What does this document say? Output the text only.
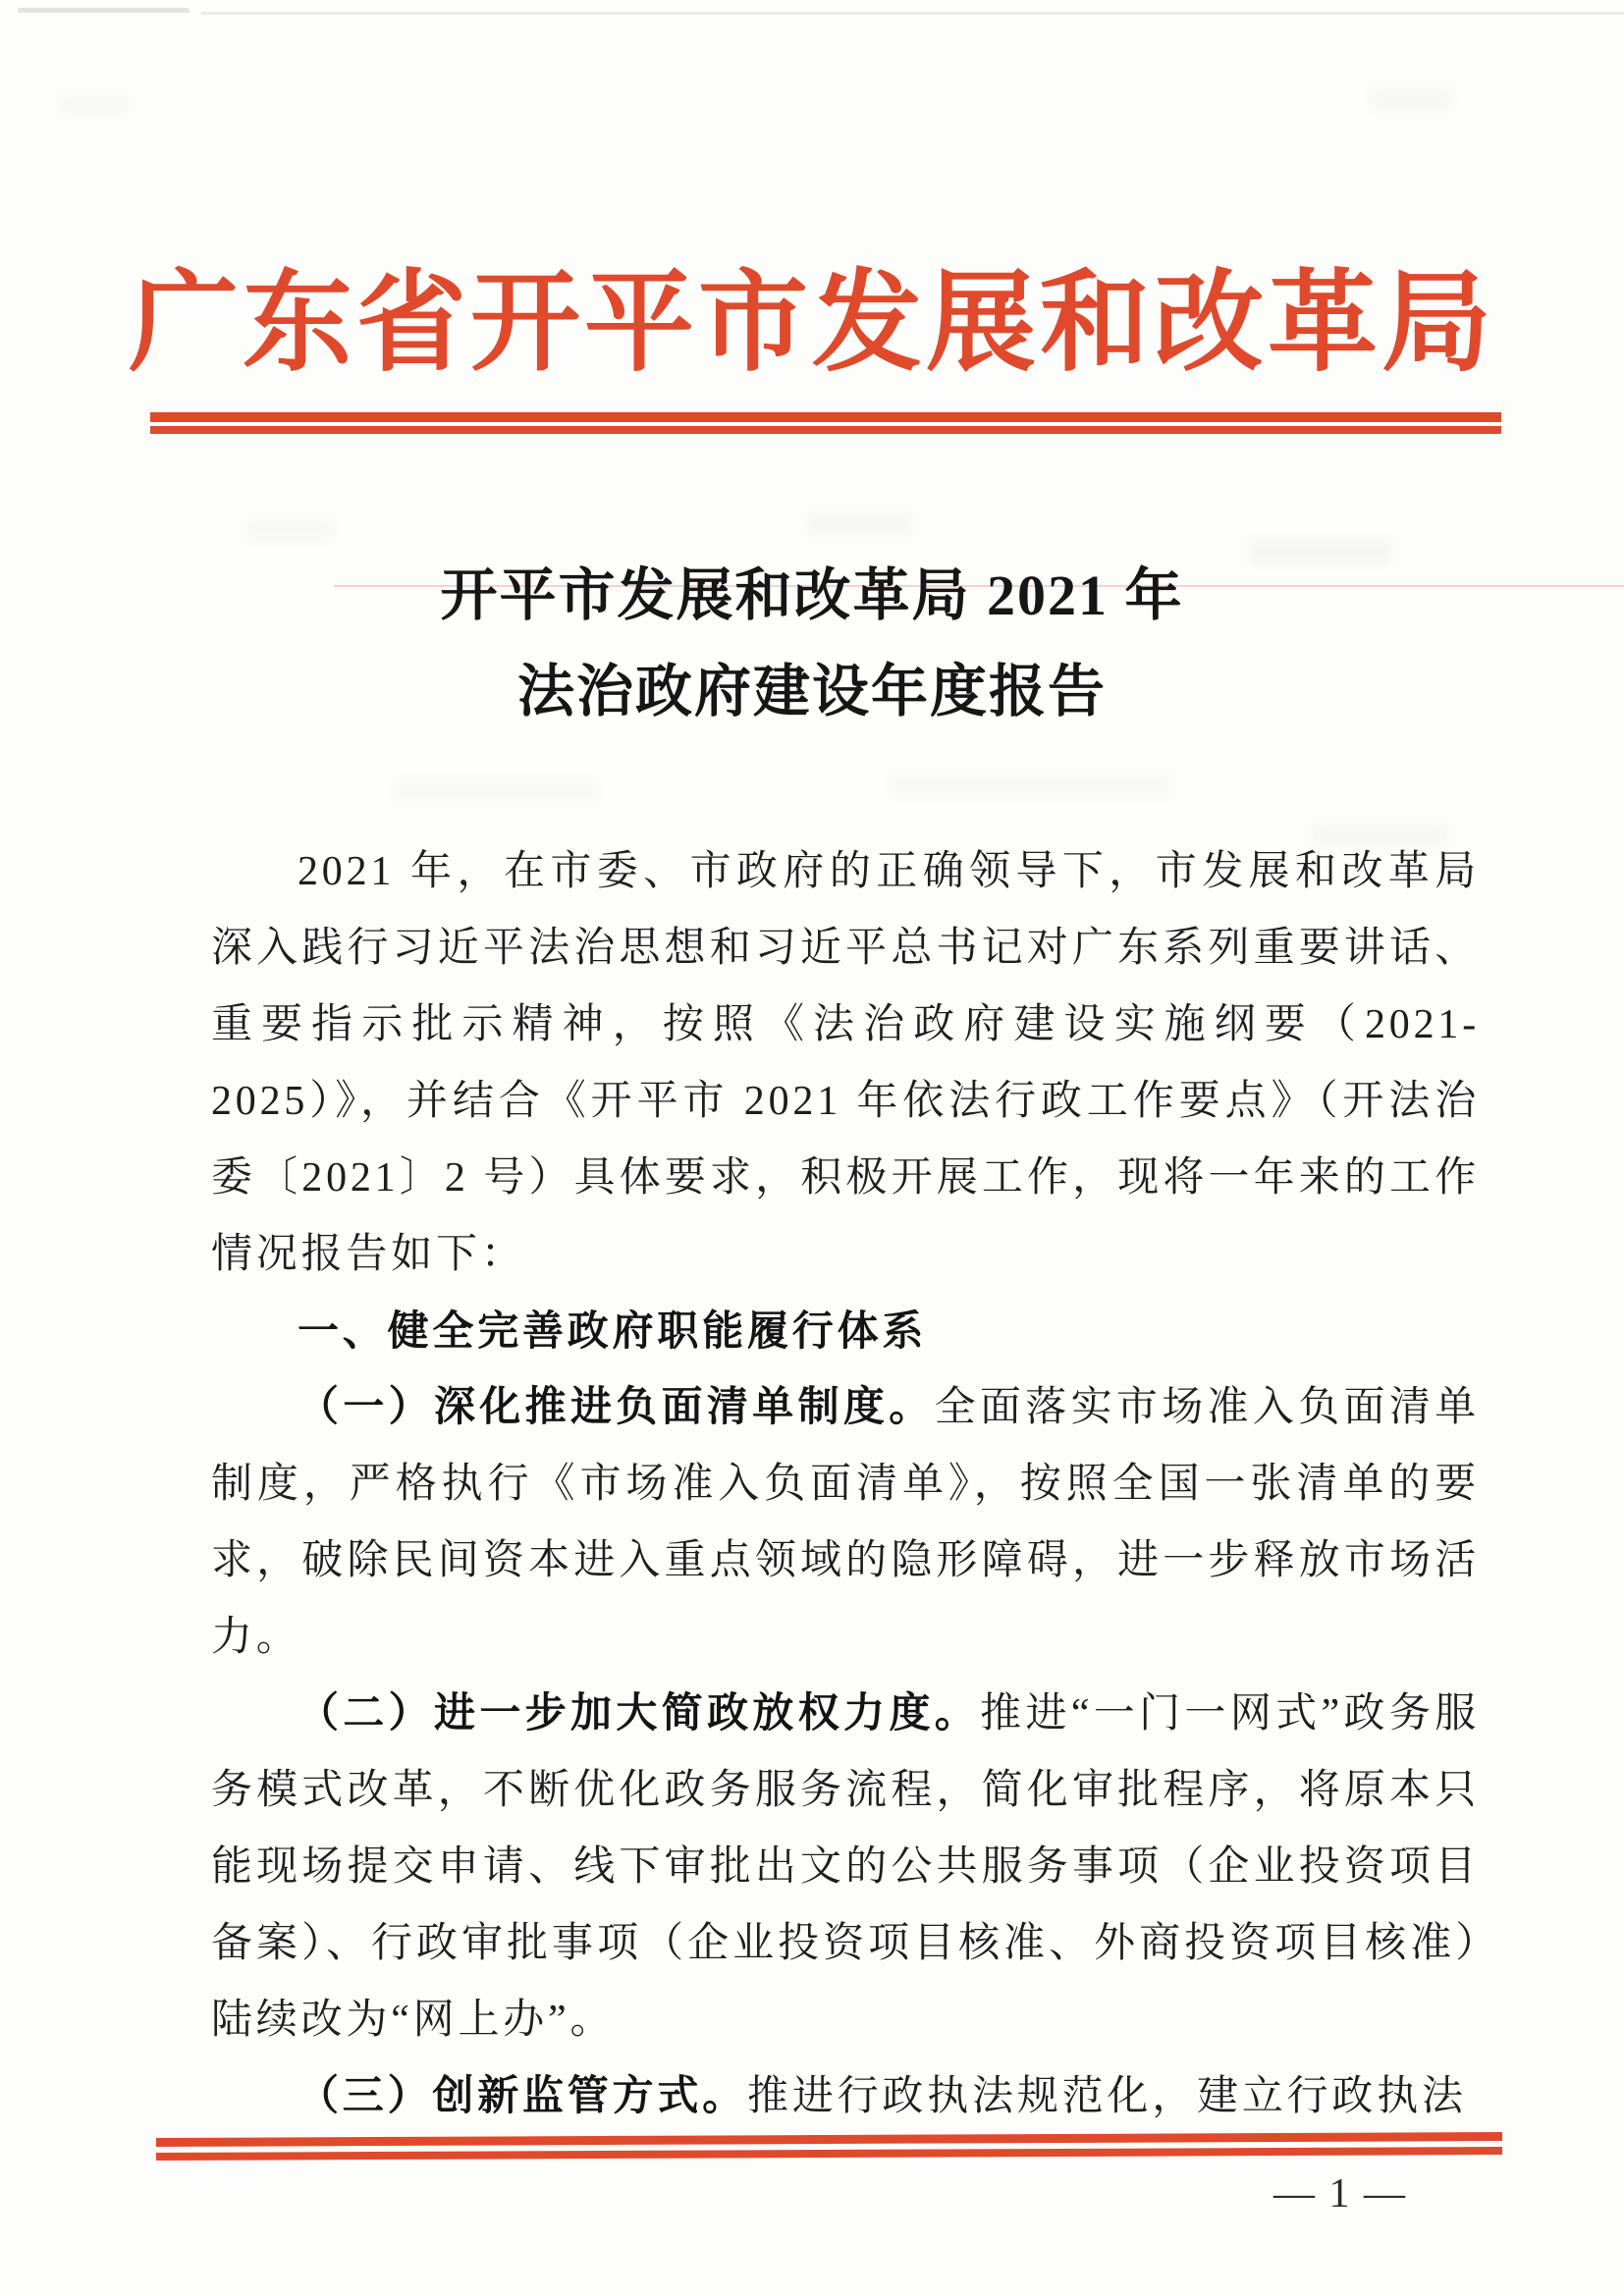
广东省开平市发展和改革局
开平市发展和改革局 2021 年
法治政府建设年度报告

2021 年，在市委、市政府的正确领导下，市发展和改革局深入践行习近平法治思想和习近平总书记对广东系列重要讲话、重要指示批示精神，按照《法治政府建设实施纲要（2021-2025）》，并结合《开平市 2021 年依法行政工作要点》（开法治委〔2021〕2 号）具体要求，积极开展工作，现将一年来的工作情况报告如下：

一、健全完善政府职能履行体系

（一）深化推进负面清单制度。全面落实市场准入负面清单制度，严格执行《市场准入负面清单》，按照全国一张清单的要求，破除民间资本进入重点领域的隐形障碍，进一步释放市场活力。

（二）进一步加大简政放权力度。推进“一门一网式”政务服务模式改革，不断优化政务服务流程，简化审批程序，将原本只能现场提交申请、线下审批出文的公共服务事项（企业投资项目备案）、行政审批事项（企业投资项目核准、外商投资项目核准）陆续改为“网上办”。

（三）创新监管方式。推进行政执法规范化，建立行政执法

— 1 —
